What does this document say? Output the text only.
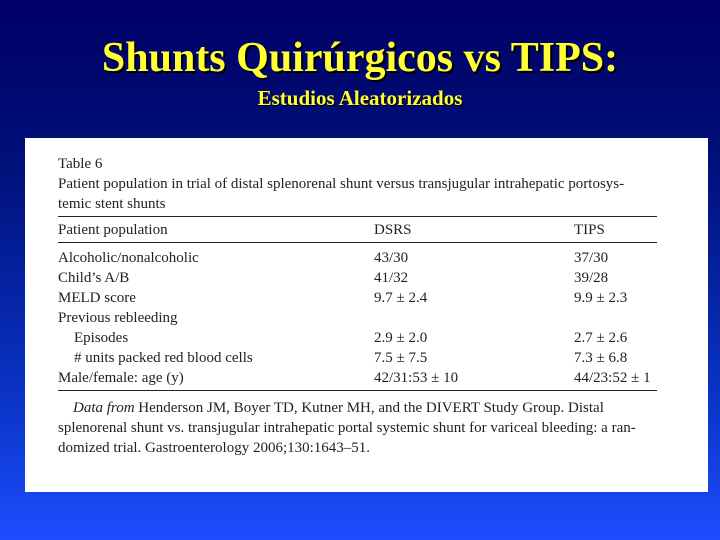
Shunts Quirúrgicos vs TIPS:
Estudios Aleatorizados
Table 6
Patient population in trial of distal splenorenal shunt versus transjugular intrahepatic portosys-
temic stent shunts
Patient population	DSRS	TIPS
Alcoholic/nonalcoholic	43/30	37/30
Child’s A/B	41/32	39/28
MELD score	9.7 ± 2.4	9.9 ± 2.3
Previous rebleeding
Episodes	2.9 ± 2.0	2.7 ± 2.6
# units packed red blood cells	7.5 ± 7.5	7.3 ± 6.8
Male/female: age (y)	42/31:53 ± 10	44/23:52 ± 1
Data from Henderson JM, Boyer TD, Kutner MH, and the DIVERT Study Group. Distal
splenorenal shunt vs. transjugular intrahepatic portal systemic shunt for variceal bleeding: a ran-
domized trial. Gastroenterology 2006;130:1643–51.
